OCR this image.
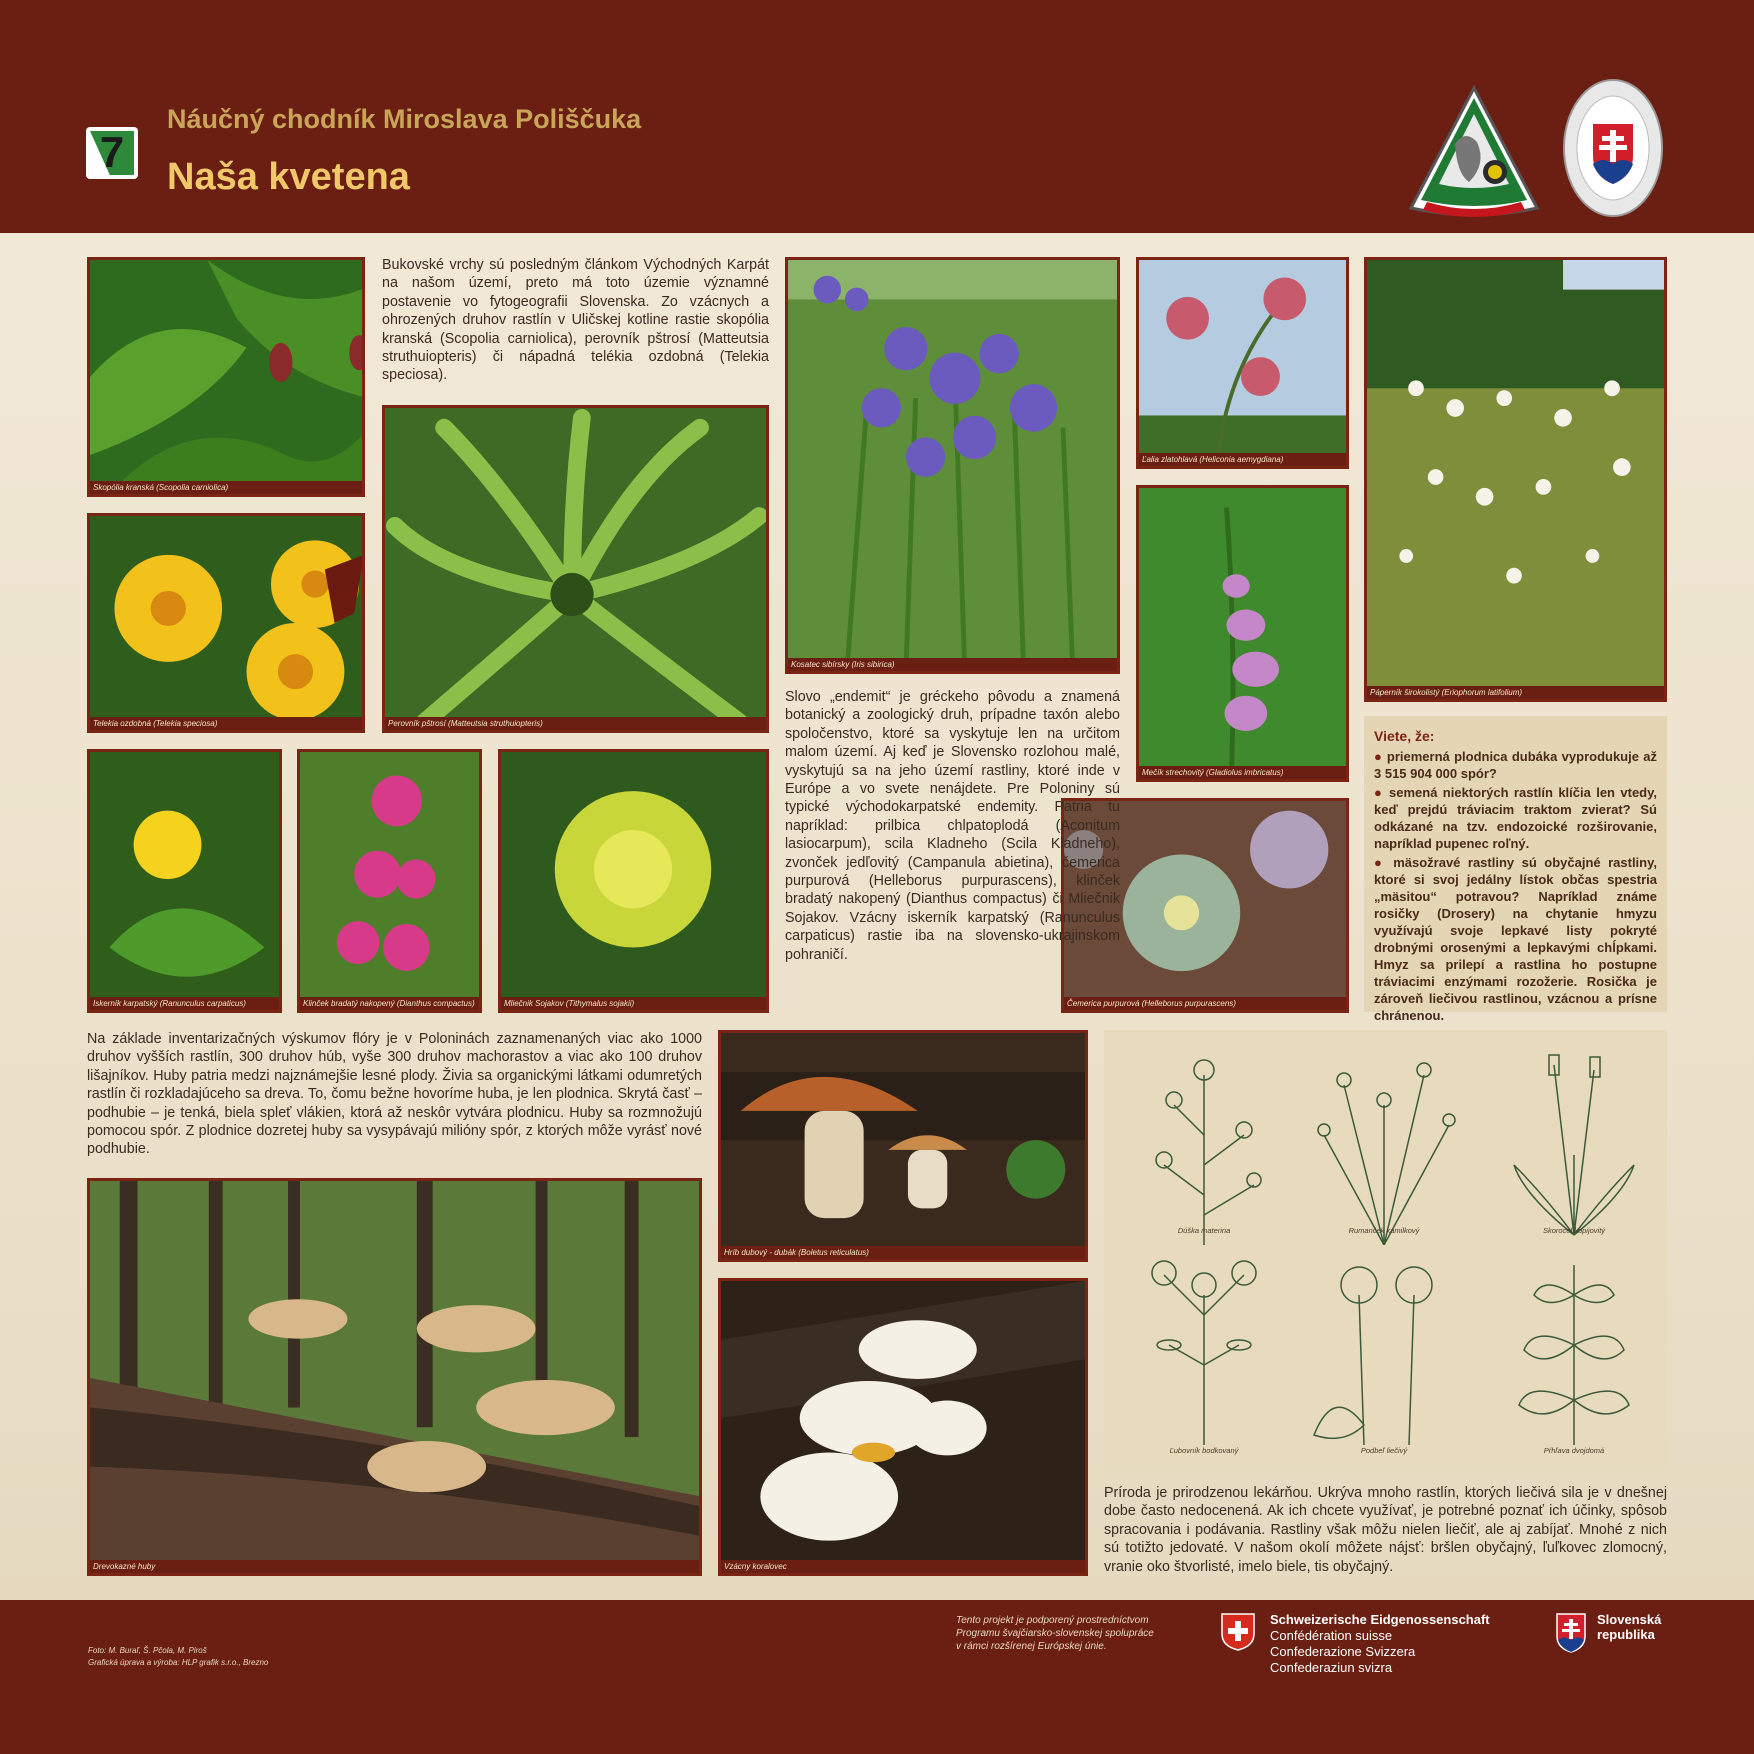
7
Náučný chodník Miroslava Poliščuka
Naša kvetena
Skopólia kranská (Scopolia carniolica)
Telekia ozdobná (Telekia speciosa)	Perovník pštrosí (Matteutsia struthuiopteris)
Kosatec sibírsky (Iris sibirica)
Ľalia zlatohlavá (Heliconia aemygdiana)
Páperník širokolistý (Eriophorum latifolium)
Mečík strechovitý (Gladiolus imbricatus)
Iskerník karpatský (Ranunculus carpaticus)	Klinček bradatý nakopený (Dianthus compactus)	Mliečnik Sojakov (Tithymalus sojakii)	Čemerica purpurová (Helleborus purpurascens)
Hríb dubový - dubák (Boletus reticulatus)
Drevokazné huby	Vzácny koralovec
Bukovské vrchy sú posledným článkom Východných Karpát na našom území, preto má toto územie významné postavenie vo fytogeografii Slovenska. Zo vzácnych a ohrozených druhov rastlín v Uličskej kotline rastie skopólia kranská (Scopolia carniolica), perovník pštrosí (Matteutsia struthuiopteris) či nápadná telékia ozdobná (Telekia speciosa).
Slovo „endemit“ je gréckeho pôvodu a znamená botanický a zoologický druh, prípadne taxón alebo spoločenstvo, ktoré sa vyskytuje len na určitom malom území. Aj keď je Slovensko rozlohou malé, vyskytujú sa na jeho území rastliny, ktoré inde v Európe a vo svete nenájdete. Pre Poloniny sú typické východokarpatské endemity. Patria tu napríklad: prilbica chlpatoplodá (Aconitum lasiocarpum), scila Kladneho (Scila Kladneho), zvonček jedľovitý (Campanula abietina), čemerica purpurová (Helleborus purpurascens), klinček bradatý nakopený (Dianthus compactus) či Mliečnik Sojakov. Vzácny iskerník karpatský (Ranunculus carpaticus) rastie iba na slovensko-ukrajinskom pohraničí.
Na základe inventarizačných výskumov flóry je v Poloninách zaznamenaných viac ako 1000 druhov vyšších rastlín, 300 druhov húb, vyše 300 druhov machorastov a viac ako 100 druhov lišajníkov. Huby patria medzi najznámejšie lesné plody. Živia sa organickými látkami odumretých rastlín či rozkladajúceho sa dreva. To, čomu bežne hovoríme huba, je len plodnica. Skrytá časť – podhubie – je tenká, biela spleť vlákien, ktorá až neskôr vytvára plodnicu. Huby sa rozmnožujú pomocou spór. Z plodnice dozretej huby sa vysypávajú milióny spór, z ktorých môže vyrásť nové podhubie.
Príroda je prirodzenou lekárňou. Ukrýva mnoho rastlín, ktorých liečivá sila je v dnešnej dobe často nedocenená. Ak ich chcete využívať, je potrebné poznať ich účinky, spôsob spracovania i podávania. Rastliny však môžu nielen liečiť, ale aj zabíjať. Mnohé z nich sú totižto jedovaté. V našom okolí môžete nájsť: bršlen obyčajný, ľuľkovec zlomocný, vranie oko štvorlisté, imelo biele, tis obyčajný.
Viete, že:

● priemerná plodnica dubáka vyprodukuje až 3 515 904 000 spór?

● semená niektorých rastlín klíčia len vtedy, keď prejdú tráviacim traktom zvierat? Sú odkázané na tzv. endozoické rozširovanie, napríklad pupenec roľný.

● mäsožravé rastliny sú obyčajné rastliny, ktoré si svoj jedálny lístok občas spestria „mäsitou“ potravou? Napríklad známe rosičky (Drosery) na chytanie hmyzu využívajú svoje lepkavé listy pokryté drobnými orosenými a lepkavými chĺpkami. Hmyz sa prilepí a rastlina ho postupne tráviacimi enzýmami rozožerie. Rosička je zároveň liečivou rastlinou, vzácnou a prísne chránenou.

Dúška materina	Rumanček kamilkový	Skorocel kopijovitý
Ľubovník bodkovaný	Podbeľ liečivý	Pŕhľava dvojdomá
Foto: M. Buraľ, Š. Pčola, M. Piroš
Grafická úprava a výroba: HLP grafik s.r.o., Brezno
Tento projekt je podporený prostredníctvom
Programu švajčiarsko-slovenskej spolupráce
v rámci rozšírenej Európskej únie.
Schweizerische Eidgenossenschaft
Confédération suisse
Confederazione Svizzera
Confederaziun svizra
Slovenská
republika
